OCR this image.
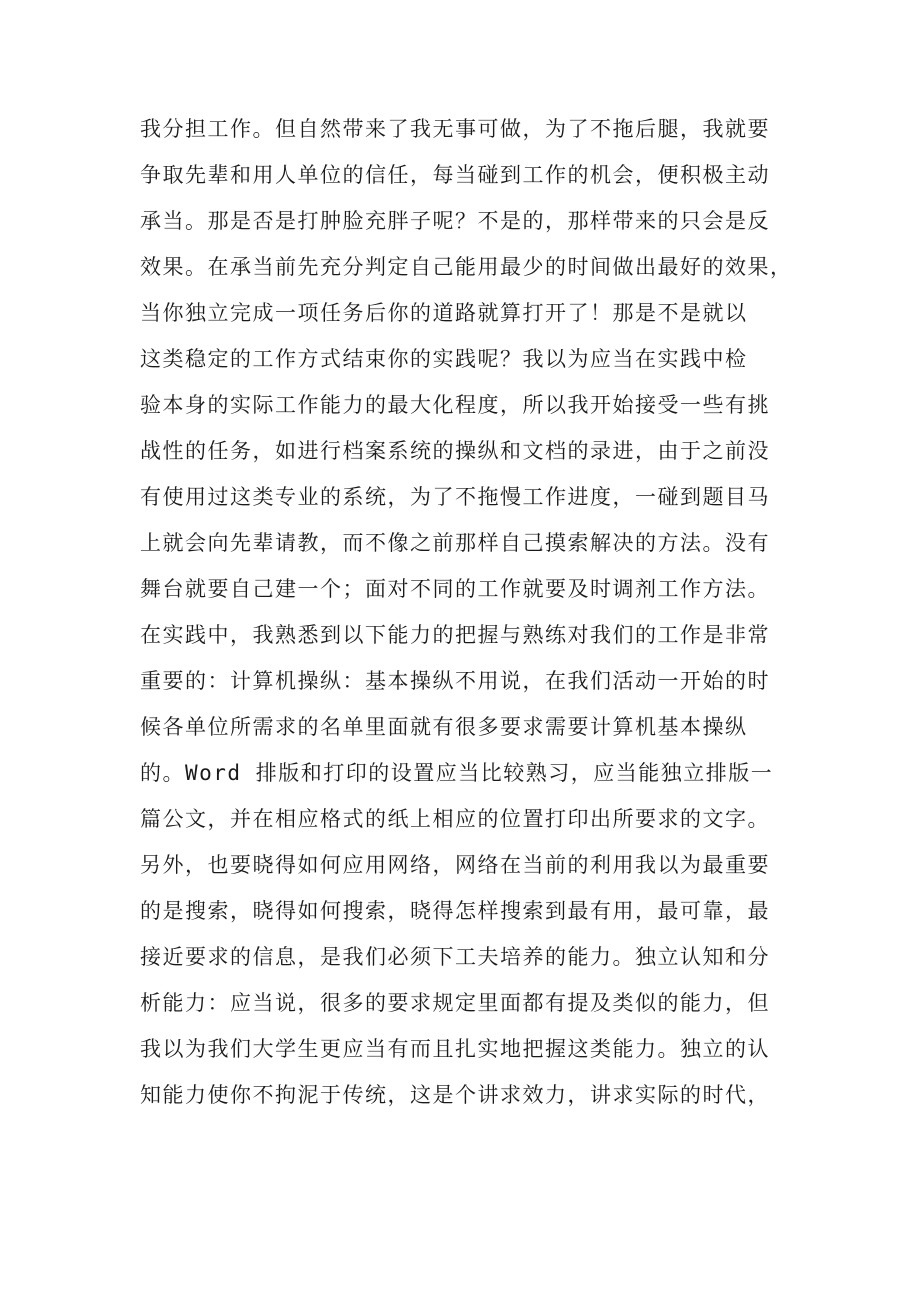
我分担工作。但自然带来了我无事可做，为了不拖后腿，我就要
争取先辈和用人单位的信任，每当碰到工作的机会，便积极主动
承当。那是否是打肿脸充胖子呢？不是的，那样带来的只会是反
效果。在承当前先充分判定自己能用最少的时间做出最好的效果，
当你独立完成一项任务后你的道路就算打开了！那是不是就以
这类稳定的工作方式结束你的实践呢？我以为应当在实践中检
验本身的实际工作能力的最大化程度，所以我开始接受一些有挑
战性的任务，如进行档案系统的操纵和文档的录进，由于之前没
有使用过这类专业的系统，为了不拖慢工作进度，一碰到题目马
上就会向先辈请教，而不像之前那样自己摸索解决的方法。没有
舞台就要自己建一个；面对不同的工作就要及时调剂工作方法。
在实践中，我熟悉到以下能力的把握与熟练对我们的工作是非常
重要的：计算机操纵：基本操纵不用说，在我们活动一开始的时
候各单位所需求的名单里面就有很多要求需要计算机基本操纵
的。Word 排版和打印的设置应当比较熟习，应当能独立排版一
篇公文，并在相应格式的纸上相应的位置打印出所要求的文字。
另外，也要晓得如何应用网络，网络在当前的利用我以为最重要
的是搜索，晓得如何搜索，晓得怎样搜索到最有用，最可靠，最
接近要求的信息，是我们必须下工夫培养的能力。独立认知和分
析能力：应当说，很多的要求规定里面都有提及类似的能力，但
我以为我们大学生更应当有而且扎实地把握这类能力。独立的认
知能力使你不拘泥于传统，这是个讲求效力，讲求实际的时代，
